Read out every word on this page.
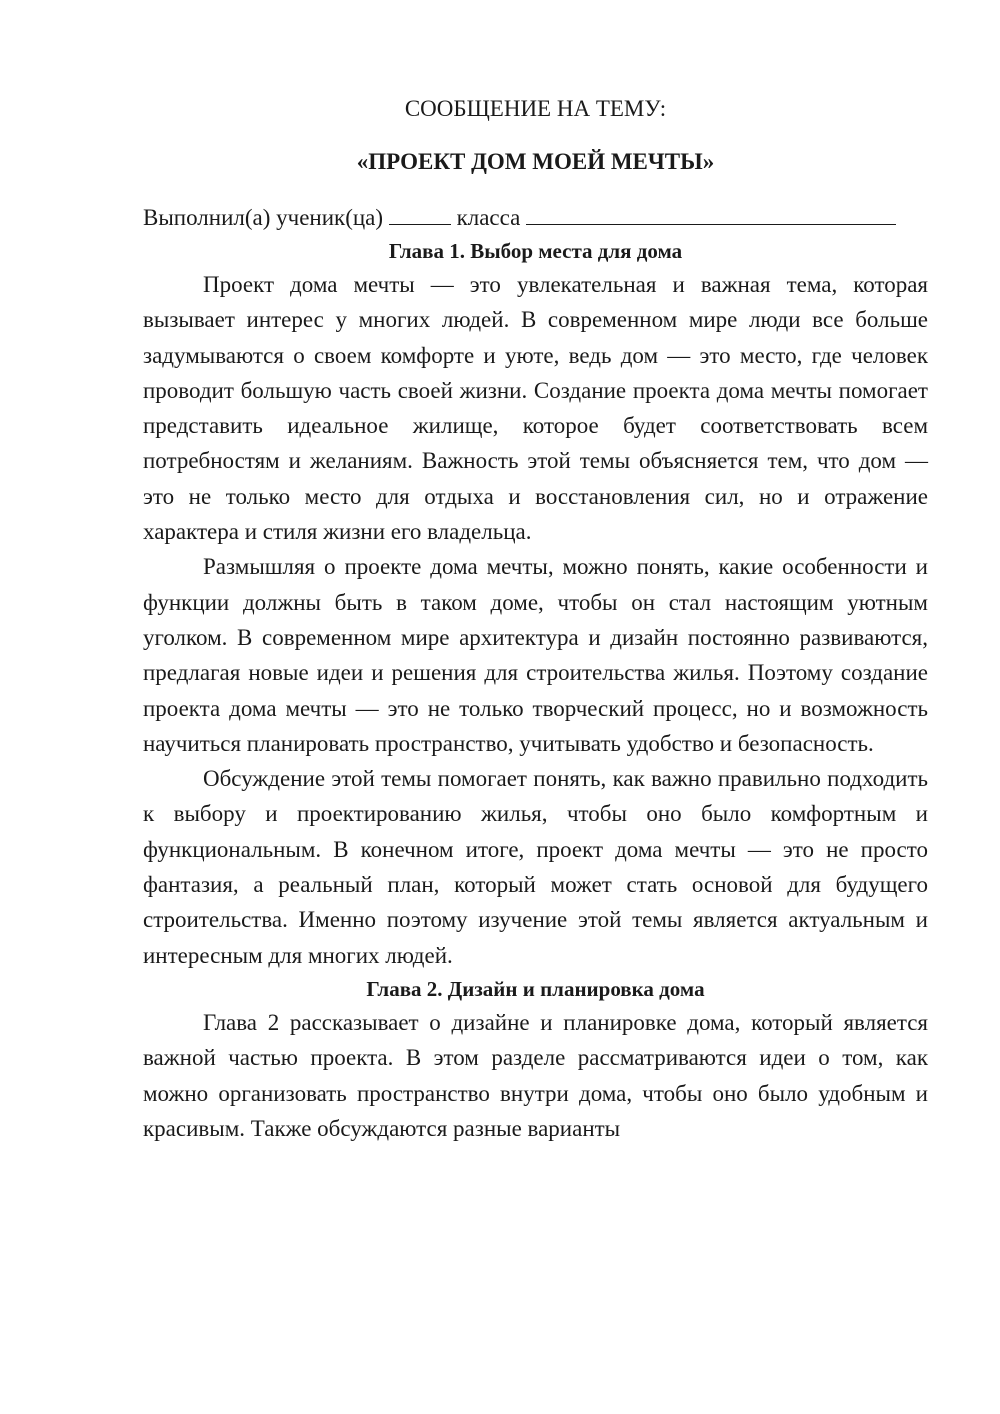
СООБЩЕНИЕ НА ТЕМУ:

«ПРОЕКТ ДОМ МОЕЙ МЕЧТЫ»

Выполнил(а) ученик(ца)	класса
Глава 1. Выбор места для дома

Проект дома мечты — это увлекательная и важная тема, которая вызывает интерес у многих людей. В современном мире люди все больше задумываются о своем комфорте и уюте, ведь дом — это место, где человек проводит большую часть своей жизни. Создание проекта дома мечты помогает представить идеальное жилище, которое будет соответствовать всем потребностям и желаниям. Важность этой темы объясняется тем, что дом — это не только место для отдыха и восстановления сил, но и отражение характера и стиля жизни его владельца.

Размышляя о проекте дома мечты, можно понять, какие особенности и функции должны быть в таком доме, чтобы он стал настоящим уютным уголком. В современном мире архитектура и дизайн постоянно развиваются, предлагая новые идеи и решения для строительства жилья. Поэтому создание проекта дома мечты — это не только творческий процесс, но и возможность научиться планировать пространство, учитывать удобство и безопасность.

Обсуждение этой темы помогает понять, как важно правильно подходить к выбору и проектированию жилья, чтобы оно было комфортным и функциональным. В конечном итоге, проект дома мечты — это не просто фантазия, а реальный план, который может стать основой для будущего строительства. Именно поэтому изучение этой темы является актуальным и интересным для многих людей.

Глава 2. Дизайн и планировка дома

Глава 2 рассказывает о дизайне и планировке дома, который является важной частью проекта. В этом разделе рассматриваются идеи о том, как можно организовать пространство внутри дома, чтобы оно было удобным и красивым. Также обсуждаются разные варианты
